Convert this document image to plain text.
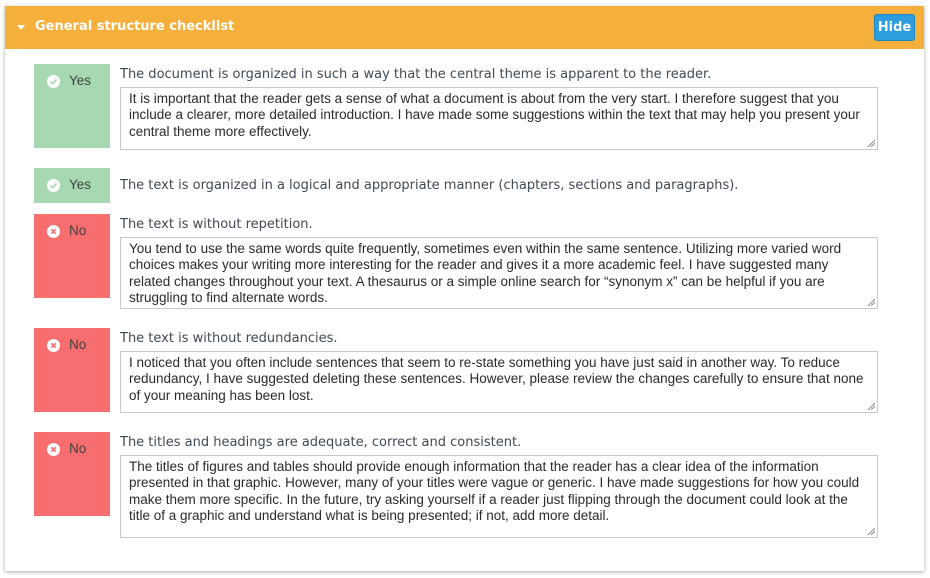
General structure checklist	Hide
Yes The document is organized in such a way that the central theme is apparent to the reader.
It is important that the reader gets a sense of what a document is about from the very start. I therefore suggest that you include a clearer, more detailed introduction. I have made some suggestions within the text that may help you present your central theme more effectively.
Yes The text is organized in a logical and appropriate manner (chapters, sections and paragraphs).
No	The text is without repetition.
You tend to use the same words quite frequently, sometimes even within the same sentence. Utilizing more varied word choices makes your writing more interesting for the reader and gives it a more academic feel. I have suggested many related changes throughout your text. A thesaurus or a simple online search for “synonym x” can be helpful if you are struggling to find alternate words.
No	The text is without redundancies.
I noticed that you often include sentences that seem to re-state something you have just said in another way. To reduce redundancy, I have suggested deleting these sentences. However, please review the changes carefully to ensure that none of your meaning has been lost.
No	The titles and headings are adequate, correct and consistent.
The titles of figures and tables should provide enough information that the reader has a clear idea of the information presented in that graphic. However, many of your titles were vague or generic. I have made suggestions for how you could make them more specific. In the future, try asking yourself if a reader just flipping through the document could look at the title of a graphic and understand what is being presented; if not, add more detail.
